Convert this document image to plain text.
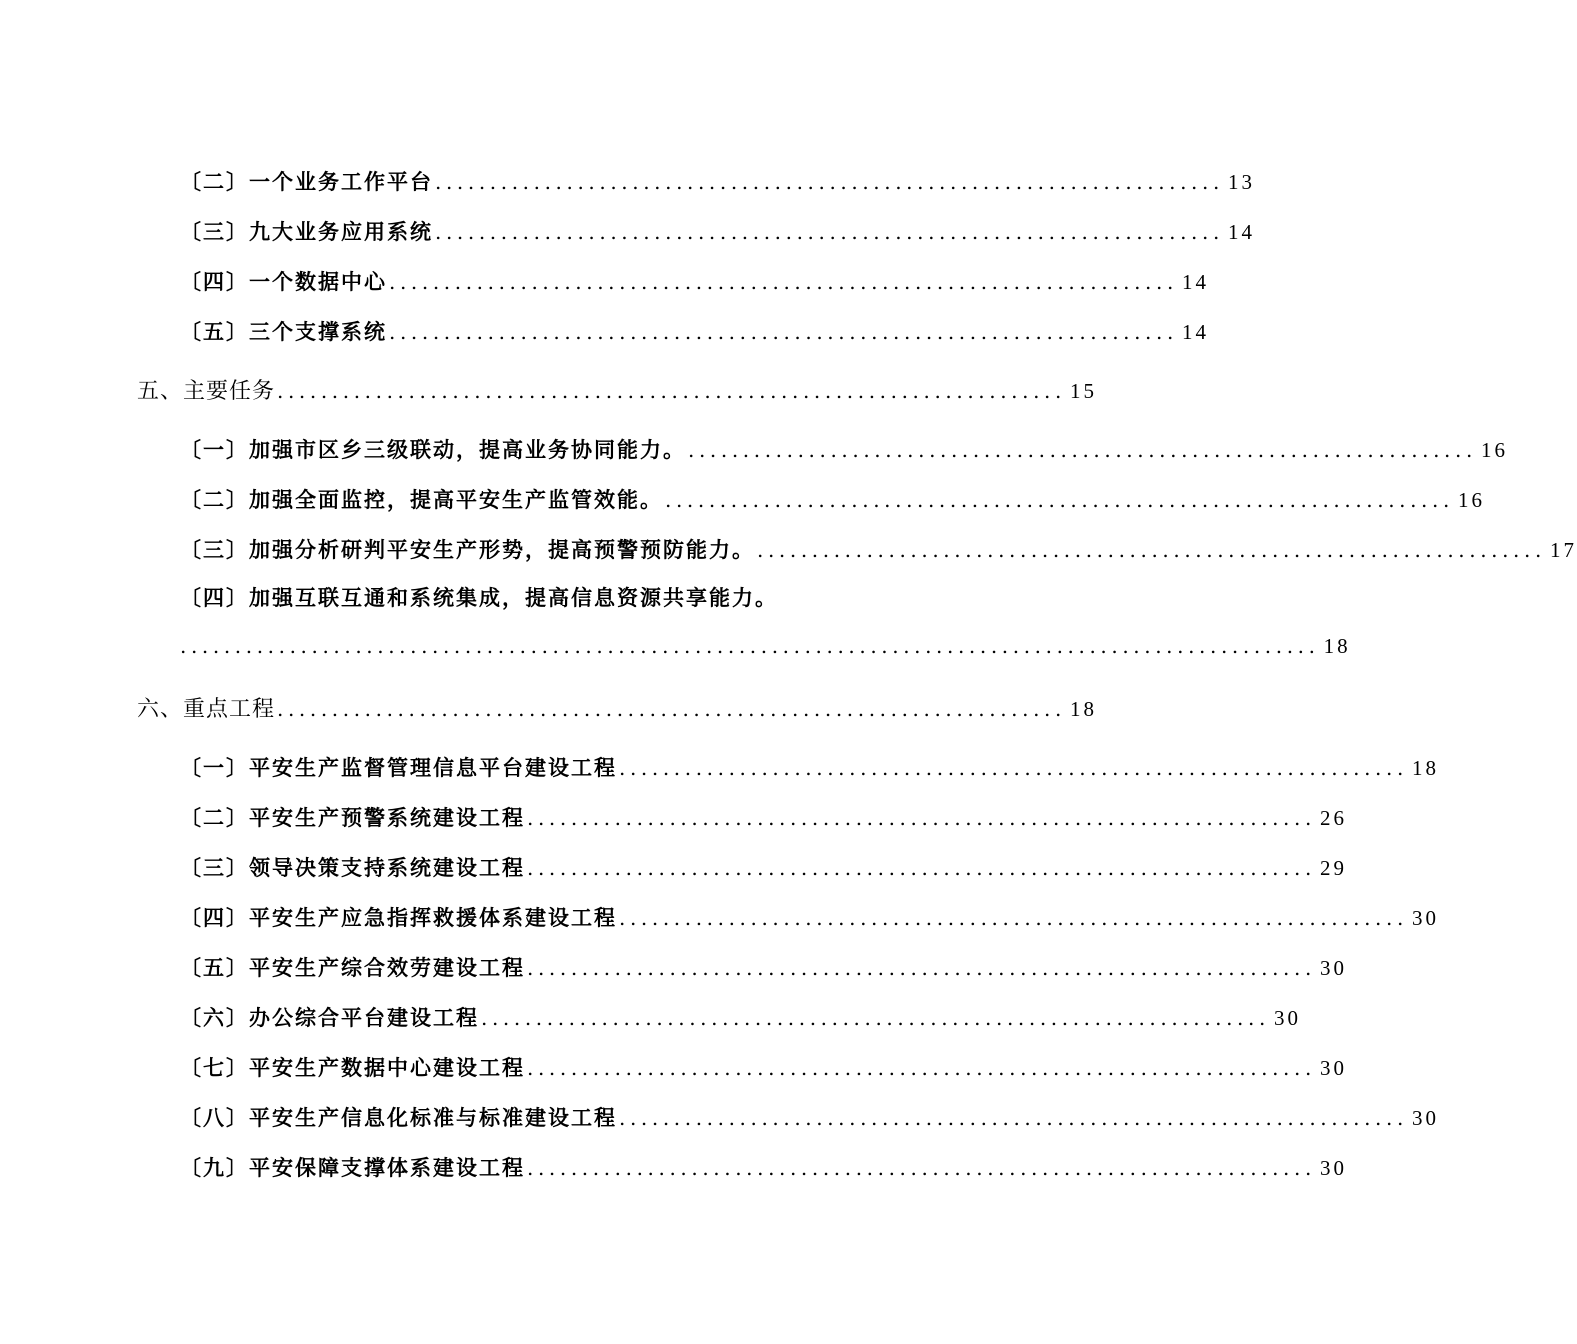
〔二〕一个业务工作平台 ........................................................................ 13
〔三〕九大业务应用系统 ........................................................................ 14
〔四〕一个数据中心 ........................................................................ 14
〔五〕三个支撑系统 ........................................................................ 14
五、主要任务 ........................................................................ 15
〔一〕加强市区乡三级联动，提高业务协同能力。 ........................................................................ 16
〔二〕加强全面监控，提高平安生产监管效能。 ........................................................................ 16
〔三〕加强分析研判平安生产形势，提高预警预防能力。 ........................................................................ 17
〔四〕加强互联互通和系统集成，提高信息资源共享能力。
........................................................................................................ 18
六、重点工程 ........................................................................ 18
〔一〕平安生产监督管理信息平台建设工程 ........................................................................ 18
〔二〕平安生产预警系统建设工程 ........................................................................ 26
〔三〕领导决策支持系统建设工程 ........................................................................ 29
〔四〕平安生产应急指挥救援体系建设工程 ........................................................................ 30
〔五〕平安生产综合效劳建设工程 ........................................................................ 30
〔六〕办公综合平台建设工程 ........................................................................ 30
〔七〕平安生产数据中心建设工程 ........................................................................ 30
〔八〕平安生产信息化标准与标准建设工程 ........................................................................ 30
〔九〕平安保障支撑体系建设工程 ........................................................................ 30
